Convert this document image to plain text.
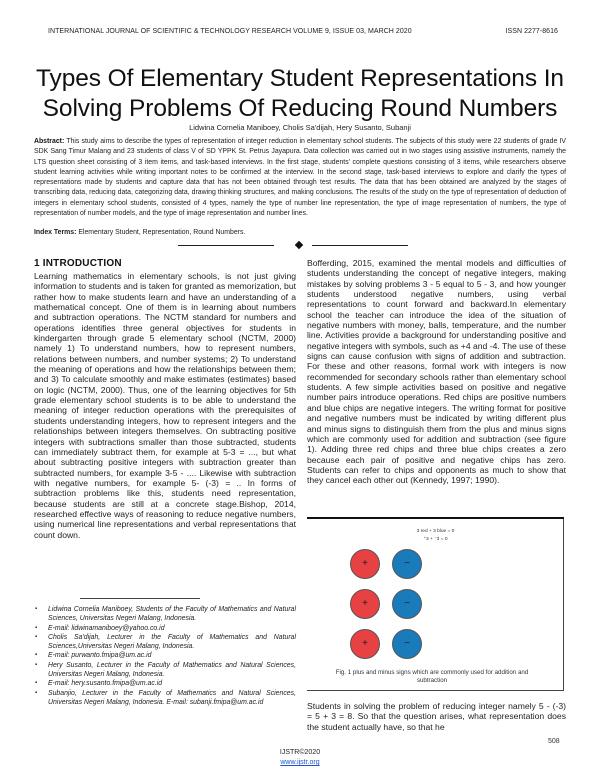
INTERNATIONAL JOURNAL OF SCIENTIFIC & TECHNOLOGY RESEARCH VOLUME 9, ISSUE 03, MARCH 2020	ISSN 2277-8616
Types Of Elementary Student Representations In
Solving Problems Of Reducing Round Numbers
Lidwina Cornelia Maniboey, Cholis Sa'dijah, Hery Susanto, Subanji

Abstract: This study aims to describe the types of representation of integer reduction in elementary school students. The subjects of this study were 22 students of grade IV SDK Sang Timur Malang and 23 students of class V of SD YPPK St. Petrus Jayapura. Data collection was carried out in two stages using assistive instruments, namely the LTS question sheet consisting of 3 item items, and task-based interviews. In the first stage, students' complete questions consisting of 3 items, while researchers observe student learning activities while writing important notes to be confirmed at the interview. In the second stage, task-based interviews to explore and clarify the types of representations made by students and capture data that has not been obtained through test results. The data that has been obtained are analyzed by the stages of transcribing data, reducing data, categorizing data, drawing thinking structures, and making conclusions. The results of the study on the type of representation of deduction of integers in elementary school students, consisted of 4 types, namely the type of number line representation, the type of image representation of numbers, the type of representation of number models, and the type of image representation and number lines.

Index Terms: Elementary Student, Representation, Round Numbers.

1 INTRODUCTION

Learning mathematics in elementary schools, is not just giving information to students and is taken for granted as memorization, but rather how to make students learn and have an understanding of a mathematical concept. One of them is in learning about numbers and subtraction operations. The NCTM standard for numbers and operations identifies three general objectives for students in kindergarten through grade 5 elementary school (NCTM, 2000) namely 1) To understand numbers, how to represent numbers, relations between numbers, and number systems; 2) To understand the meaning of operations and how the relationships between them; and 3) To calculate smoothly and make estimates (estimates) based on logic (NCTM, 2000). Thus, one of the learning objectives for 5th grade elementary school students is to be able to understand the meaning of integer reduction operations with the prerequisites of students understanding integers, how to represent integers and the relationships between integers themselves. On subtracting positive integers with subtractions smaller than those subtracted, students can immediately subtract them, for example at 5-3 = ..., but what about subtracting positive integers with subtraction greater than subtracted numbers, for example 3-5 - .... Likewise with subtraction with negative numbers, for example 5- (-3) = .. In forms of subtraction problems like this, students need representation, because students are still at a concrete stage.Bishop, 2014, researched effective ways of reasoning to reduce negative numbers, using numerical line representations and verbal representations that count down.

▪ Lidwina Cornelia Maniboey, Students of the Faculty of Mathematics and Natural Sciences, Universitas Negeri Malang, Indonesia.
▪ E-mail: lidwinamaniboey@yahoo.co.id
▪ Cholis Sa'dijah, Lecturer in the Faculty of Mathematics and Natural Sciences,Universitas Negeri Malang, Indonesia.
▪ E-mail: purwanto.fmipa@um.ac.id
▪ Hery Susanto, Lecturer in the Faculty of Mathematics and Natural Sciences, Universitas Negeri Malang, Indonesia.
▪ E-mail: hery.susanto.fmipa@um.ac.id
▪ Subanjio, Lecturer in the Faculty of Mathematics and Natural Sciences, Universitas Negeri Malang, Indonesia. E-mail: subanji.fmipa@um.ac.id

Bofferding, 2015, examined the mental models and difficulties of students understanding the concept of negative integers, making mistakes by solving problems 3 - 5 equal to 5 - 3, and how younger students understood negative numbers, using verbal representations to count forward and backward.In elementary school the teacher can introduce the idea of the situation of negative numbers with money, balls, temperature, and the number line. Activities provide a background for understanding positive and negative integers with symbols, such as +4 and -4. The use of these signs can cause confusion with signs of addition and subtraction. For these and other reasons, formal work with integers is now recommended for secondary schools rather than elementary school students. A few simple activities based on positive and negative number pairs introduce operations. Red chips are positive numbers and blue chips are negative integers. The writing format for positive and negative numbers must be indicated by writing different plus and minus signs to distinguish them from the plus and minus signs which are commonly used for addition and subtraction (see figure 1). Adding three red chips and three blue chips creates a zero because each pair of positive and negative chips has zero. Students can refer to chips and opponents as much to show that they cancel each other out (Kennedy, 1997; 1990).

3 red + 3 blue = 0
⁺3 + ⁻3 = 0
+	−
+	−
+	−
Fig. 1 plus and minus signs which are commonly used for addition and subtraction

Students in solving the problem of reducing integer namely 5 - (-3) = 5 + 3 = 8. So that the question arises, what representation does the student actually have, so that he

508
IJSTR©2020
www.ijstr.org
